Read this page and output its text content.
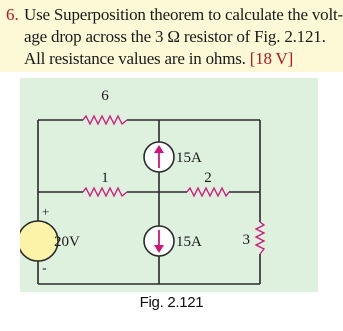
6. Use Superposition theorem to calculate the volt-
age drop across the 3 Ω resistor of Fig. 2.121.
All resistance values are in ohms. [18 V]
6
1	2
3
15A
15A
+
-
20V
Fig. 2.121
